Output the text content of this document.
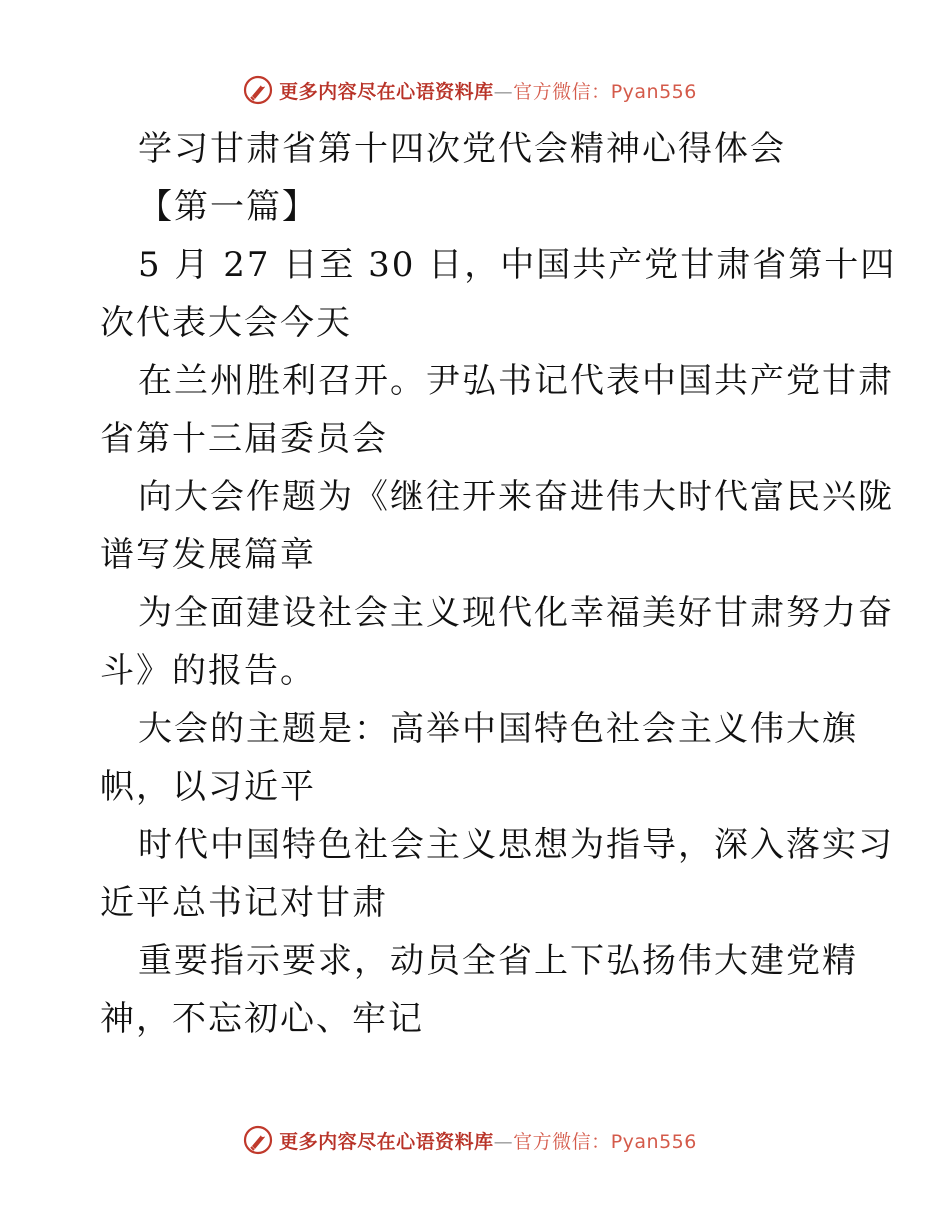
更多内容尽在心语资料库—官方微信：Pyan556
学习甘肃省第十四次党代会精神心得体会
【第一篇】
5 月 27 日至 30 日，中国共产党甘肃省第十四
次代表大会今天
在兰州胜利召开。尹弘书记代表中国共产党甘肃
省第十三届委员会
向大会作题为《继往开来奋进伟大时代富民兴陇
谱写发展篇章
为全面建设社会主义现代化幸福美好甘肃努力奋
斗》的报告。
大会的主题是：高举中国特色社会主义伟大旗
帜，以习近平
时代中国特色社会主义思想为指导，深入落实习
近平总书记对甘肃
重要指示要求，动员全省上下弘扬伟大建党精
神，不忘初心、牢记
更多内容尽在心语资料库—官方微信：Pyan556
